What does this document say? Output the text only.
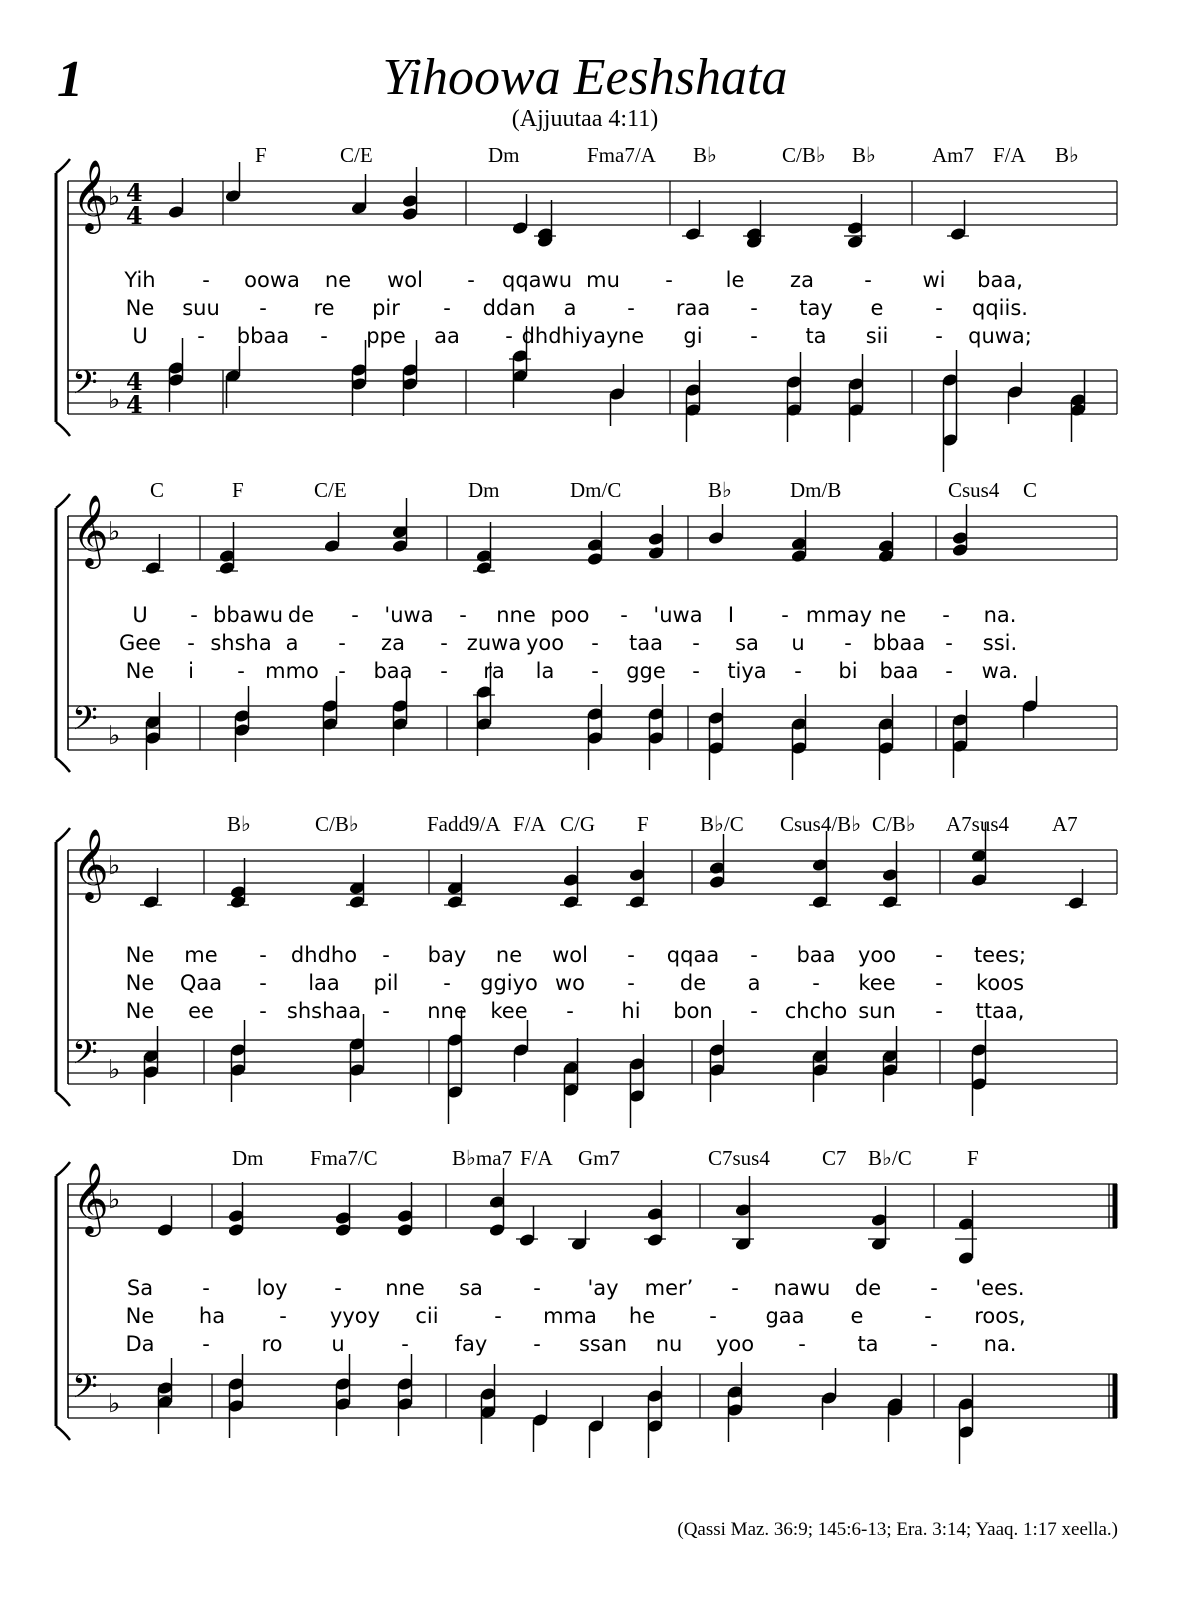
1	Yihoowa Eeshshata
(Ajjuutaa 4:11)
𝄞 ♭
𝄢 ♭
4
4
4
4
𝄞 ♭
𝄢 ♭
𝄞 ♭
𝄢 ♭
𝄞 ♭
𝄢 ♭
F	C/E	Dm	Fma7/A B♭	C/B♭ B♭	Am7 F/A B♭
Yih - oowa ne wol - qqawu mu -	le za - wi baa,
Ne suu - re pir - ddan a - raa - tay e - qqiis.
U - bbaa - ppe aa - dhdhiyay ne gi - ta sii - quwa;
C	F	C/E	Dm	Dm/C	B♭	Dm/B	Csus4 C
U - bbawu de - 'uwa - nne poo - 'uwa I - mmay ne - na.
Gee - shsha a - za - zuwa yoo - taa - sa u - bbaa - ssi.
Ne i - mmo - baa - ra la - gge - tiya - bi baa - wa.
B♭	C/B♭	Fadd9/A F/A C/G F B♭/C Csus4/B♭ C/B♭ A7sus4 A7
Ne me - dhdho - bay ne wol - qqaa - baa yoo - tees;
Ne Qaa - laa pil - ggiyo wo - de a - kee - koos
Ne ee - shshaa - nne kee - hi bon - chcho sun - ttaa,
Dm Fma7/C	B♭ma7 F/A Gm7	C7sus4 C7 B♭/C	F
Sa - loy - nne sa - 'ay mer’ - nawu de - 'ees.
Ne ha	- yyoy cii	- mma he	- gaa e	- roos,
Da - ro u	- fay - ssan nu yoo - ta - na.
(Qassi Maz. 36:9; 145:6-13; Era. 3:14; Yaaq. 1:17 xeella.)
